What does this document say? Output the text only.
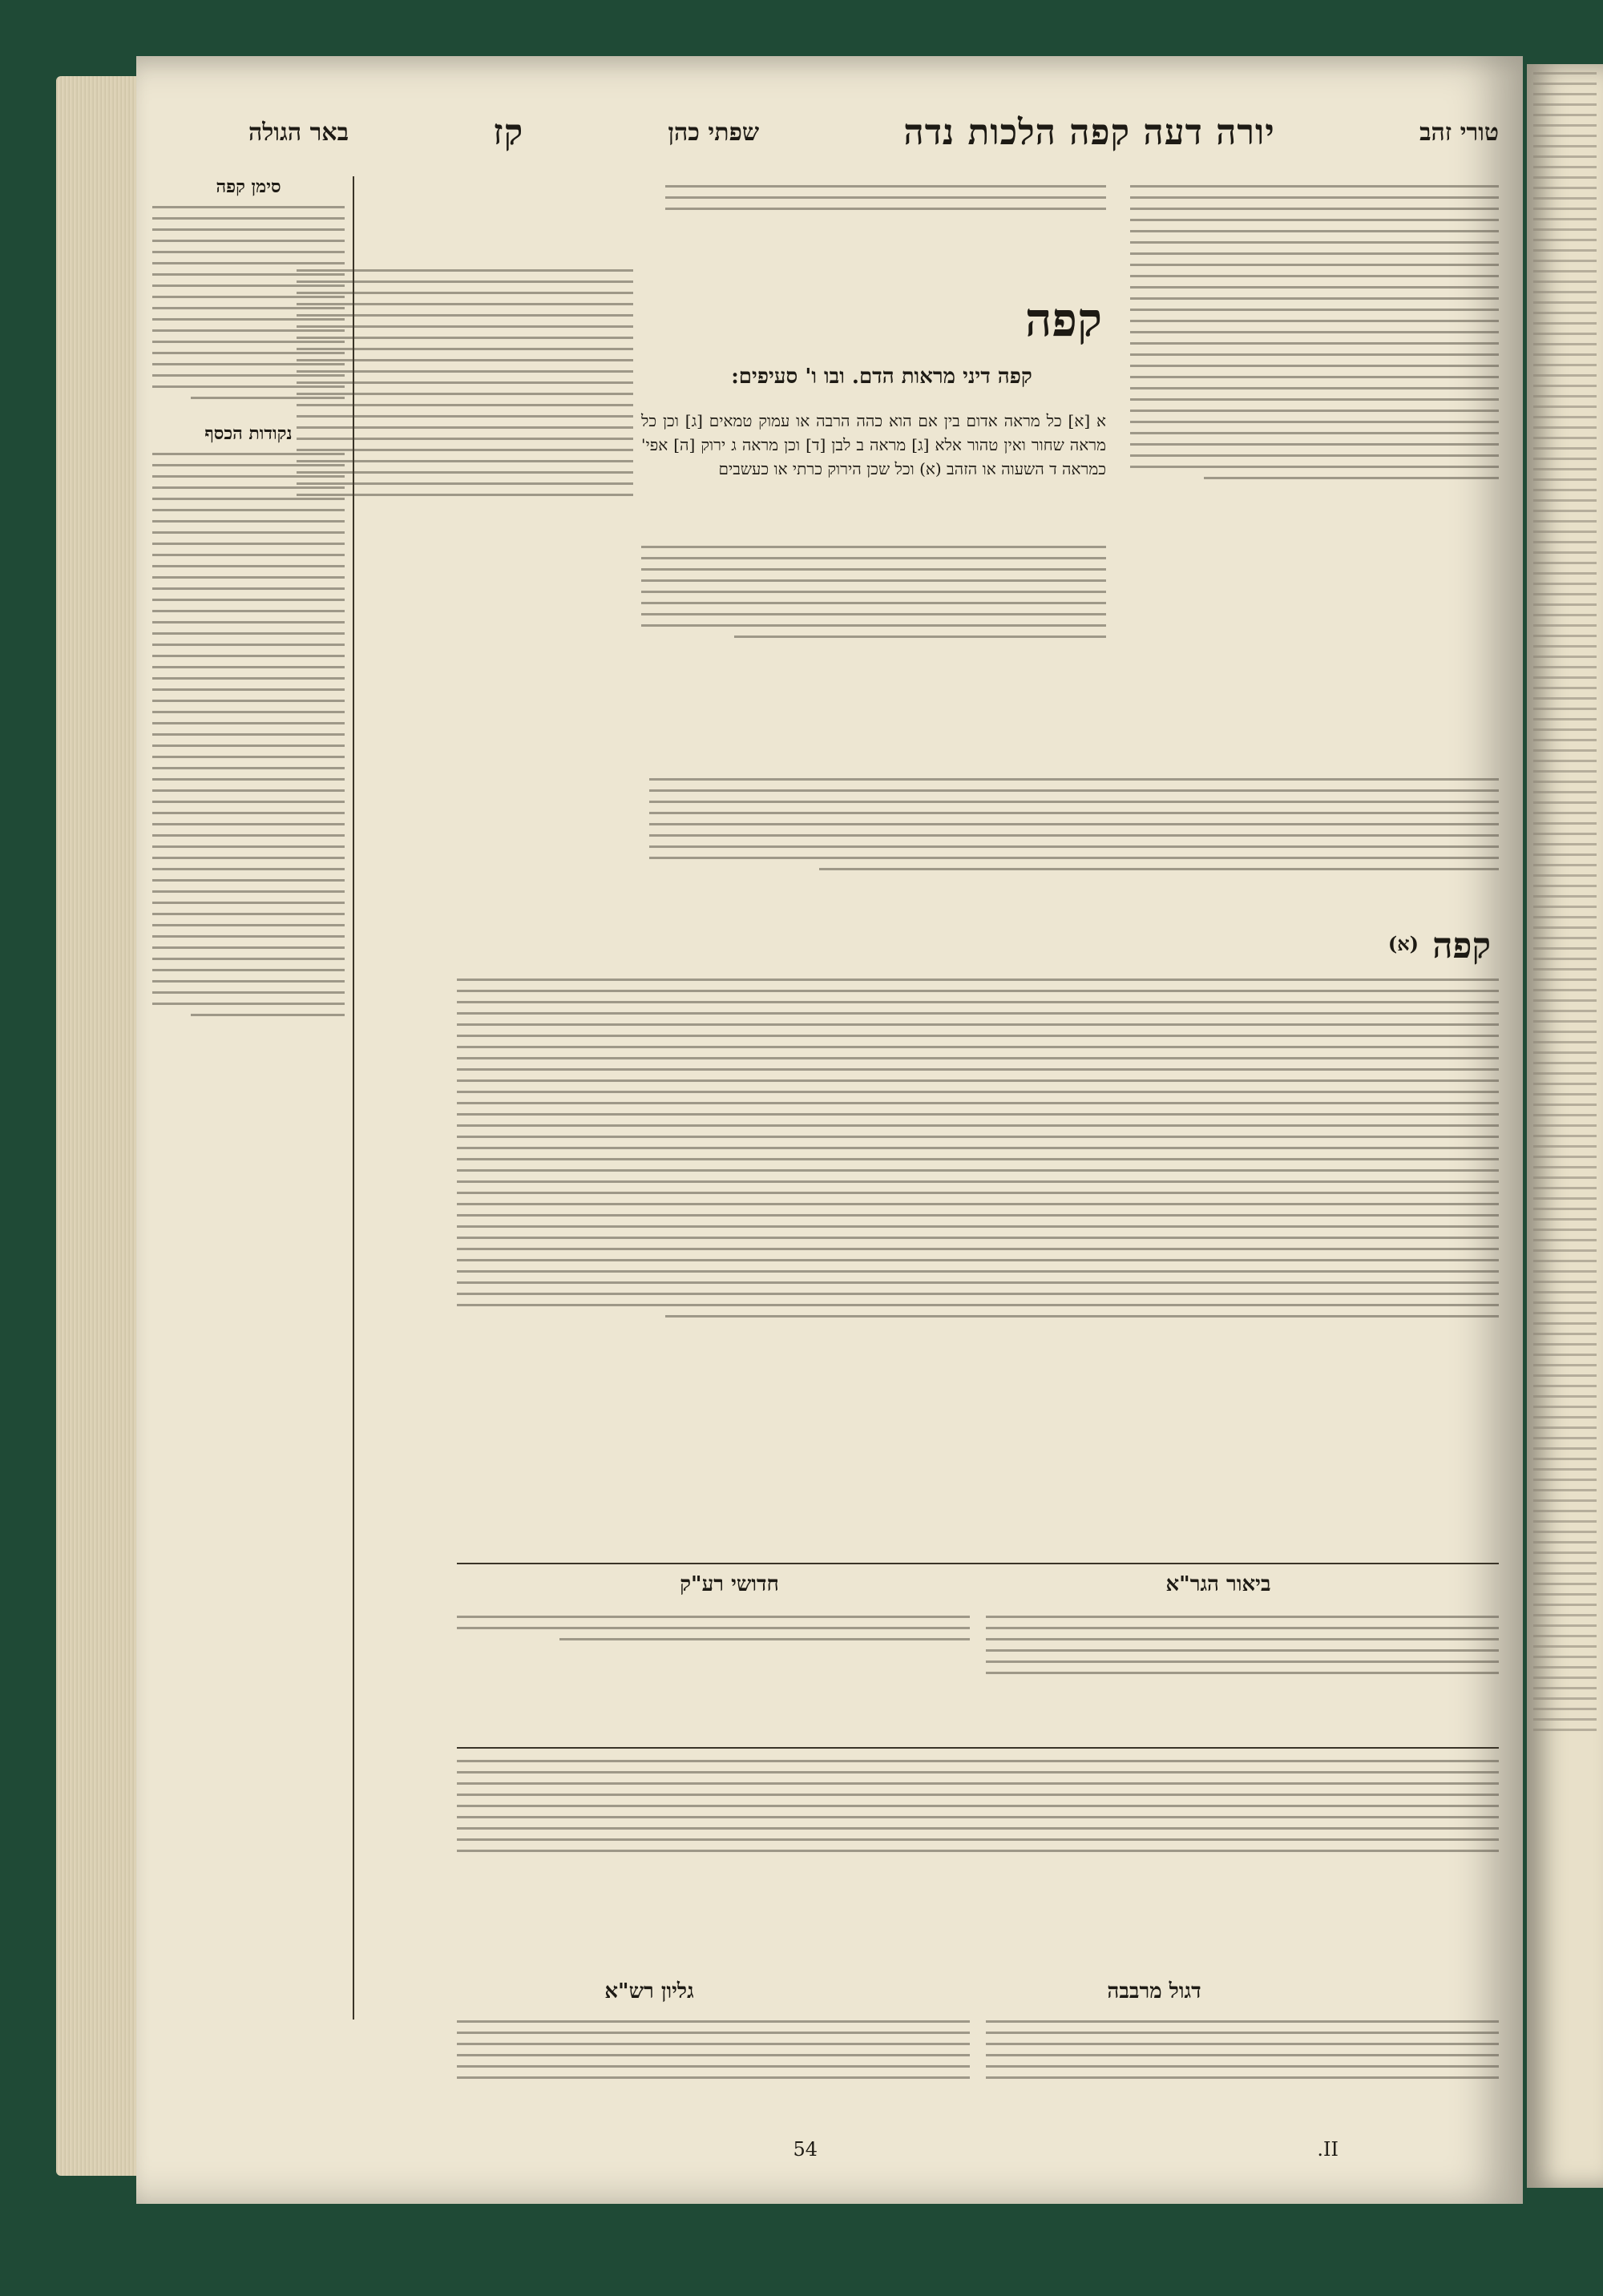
טורי זהב
יורה דעה קפה הלכות נדה
שפתי כהן
קז
באר הגולה
קפה
קפה דיני מראות הדם. ובו ו' סעיפים:
א [א] כל מראה אדום בין אם הוא כהה הרבה או עמוק טמאים [ג] וכן כל מראה שחור ואין טהור אלא [ג] מראה ב לבן [ד] וכן מראה ג ירוק [ה] אפי' כמראה ד השעוה או הזהב (א) וכל שכן הירוק כרתי או כעשבים
קפה
(א)
ביאור הגר"א
חדושי רע"ק
דגול מרבבה
גליון רש"א
54	II.
סימן קפה
נקודות הכסף
